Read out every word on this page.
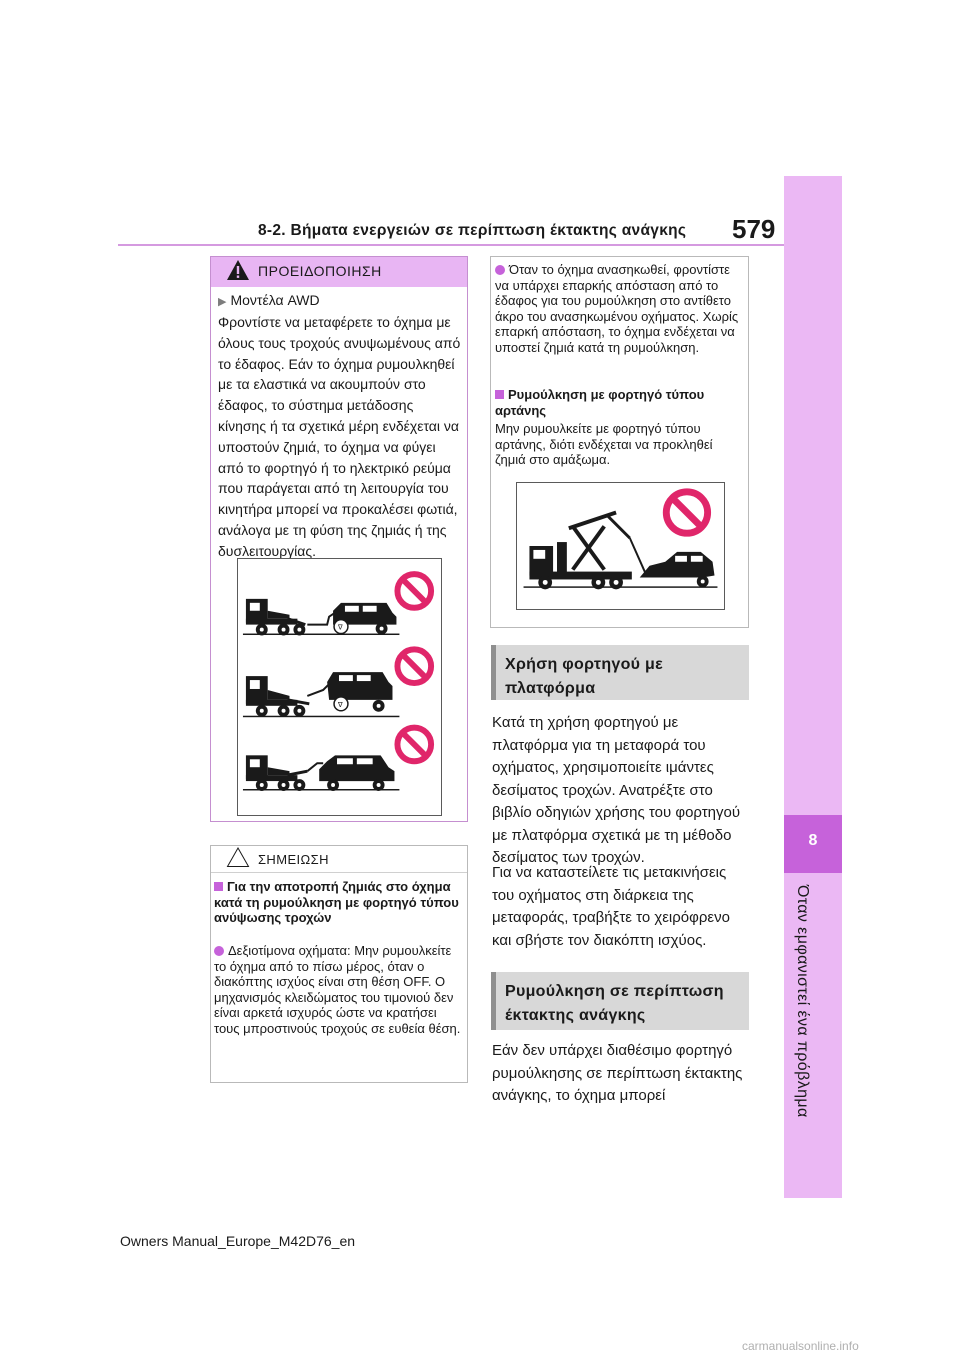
8-2. Βήματα ενεργειών σε περίπτωση έκτακτης ανάγκης 579
8
Όταν εμφανιστεί ένα πρόβλημα
ΠΡΟΕΙΔΟΠΟΙΗΣΗ
▶ Μοντέλα AWD
Φροντίστε να μεταφέρετε το όχημα με όλους τους τροχούς ανυψωμένους από το έδαφος. Εάν το όχημα ρυμουλκηθεί με τα ελαστικά να ακουμπούν στο έδαφος, το σύστημα μετάδοσης κίνησης ή τα σχετικά μέρη ενδέχεται να υποστούν ζημιά, το όχημα να φύγει από το φορτηγό ή το ηλεκτρικό ρεύμα που παράγεται από τη λειτουργία του κινητήρα μπορεί να προκαλέσει φωτιά, ανάλογα με τη φύση της ζημιάς ή της δυσλειτουργίας.
∇
∇
ΣΗΜΕΙΩΣΗ
Για την αποτροπή ζημιάς στο όχημα κατά τη ρυμούλκηση με φορτηγό τύπου ανύψωσης τροχών
Δεξιοτίμονα οχήματα: Μην ρυμουλκείτε το όχημα από το πίσω μέρος, όταν ο διακόπτης ισχύος είναι στη θέση OFF. Ο μηχανισμός κλειδώματος του τιμονιού δεν είναι αρκετά ισχυρός ώστε να κρατήσει τους μπροστινούς τροχούς σε ευθεία θέση.
Όταν το όχημα ανασηκωθεί, φροντίστε να υπάρχει επαρκής απόσταση από το έδαφος για του ρυμούλκηση στο αντίθετο άκρο του ανασηκωμένου οχήματος. Χωρίς επαρκή απόσταση, το όχημα ενδέχεται να υποστεί ζημιά κατά τη ρυμούλκηση.
Ρυμούλκηση με φορτηγό τύπου αρτάνης
Μην ρυμουλκείτε με φορτηγό τύπου αρτάνης, διότι ενδέχεται να προκληθεί ζημιά στο αμάξωμα.
Χρήση φορτηγού με πλατφόρμα
Κατά τη χρήση φορτηγού με πλατφόρμα για τη μεταφορά του οχήματος, χρησιμοποιείτε ιμάντες δεσίματος τροχών. Ανατρέξτε στο βιβλίο οδηγιών χρήσης του φορτηγού με πλατφόρμα σχετικά με τη μέθοδο δεσίματος των τροχών.
Για να καταστείλετε τις μετακινήσεις του οχήματος στη διάρκεια της μεταφοράς, τραβήξτε το χειρόφρενο και σβήστε τον διακόπτη ισχύος.
Ρυμούλκηση σε περίπτωση έκτακτης ανάγκης
Εάν δεν υπάρχει διαθέσιμο φορτηγό ρυμούλκησης σε περίπτωση έκτακτης ανάγκης, το όχημα μπορεί
Owners Manual_Europe_M42D76_en
carmanualsonline.info
